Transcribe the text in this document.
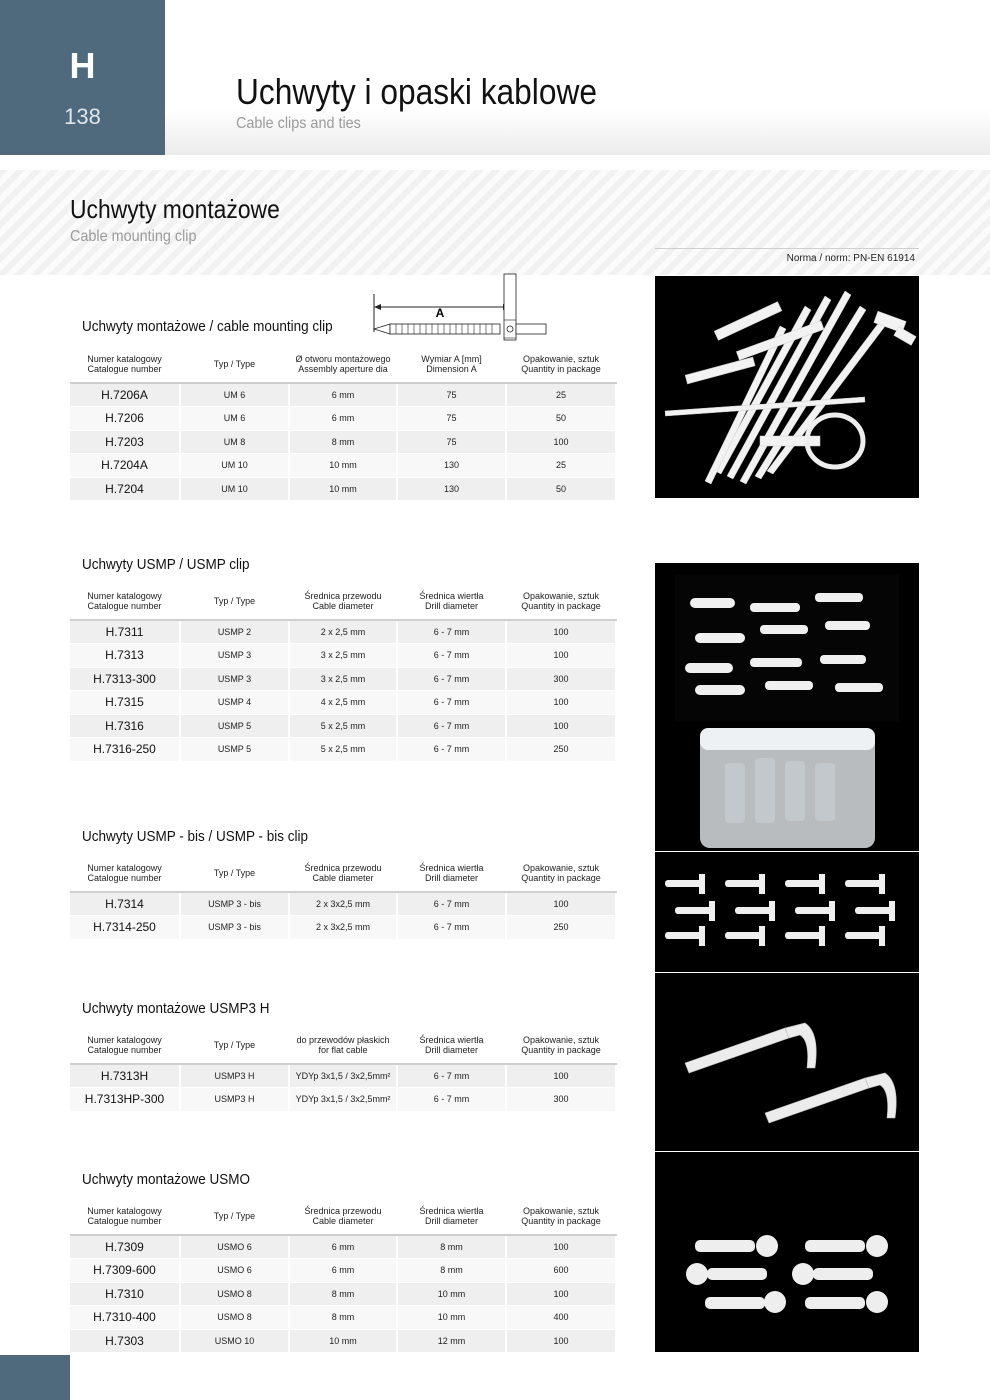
H
138
Uchwyty i opaski kablowe
Cable clips and ties
Uchwyty montażowe
Cable mounting clip
Norma / norm: PN-EN 61914
A
Uchwyty montażowe / cable mounting clip
Uchwyty USMP / USMP clip
Uchwyty USMP - bis / USMP - bis clip
Uchwyty montażowe USMP3 H
Uchwyty montażowe USMO
Numer katalogowy
Catalogue number	Typ / Type	Ø otworu montażowego
Assembly aperture dia	Wymiar A [mm]
Dimension A	Opakowanie, sztuk
Quantity in package

H.7206A	UM 6	6 mm	75	25
H.7206	UM 6	6 mm	75	50
H.7203	UM 8	8 mm	75	100
H.7204A	UM 10	10 mm	130	25
H.7204	UM 10	10 mm	130	50
Numer katalogowy
Catalogue number	Typ / Type	Średnica przewodu
Cable diameter	Średnica wiertła
Drill diameter	Opakowanie, sztuk
Quantity in package

H.7311	USMP 2	2 x 2,5 mm	6 - 7 mm	100
H.7313	USMP 3	3 x 2,5 mm	6 - 7 mm	100
H.7313-300	USMP 3	3 x 2,5 mm	6 - 7 mm	300
H.7315	USMP 4	4 x 2,5 mm	6 - 7 mm	100
H.7316	USMP 5	5 x 2,5 mm	6 - 7 mm	100
H.7316-250	USMP 5	5 x 2,5 mm	6 - 7 mm	250
Numer katalogowy
Catalogue number	Typ / Type	Średnica przewodu
Cable diameter	Średnica wiertła
Drill diameter	Opakowanie, sztuk
Quantity in package

H.7314	USMP 3 - bis	2 x 3x2,5 mm	6 - 7 mm	100
H.7314-250	USMP 3 - bis	2 x 3x2,5 mm	6 - 7 mm	250
Numer katalogowy
Catalogue number	Typ / Type	do przewodów płaskich
for flat cable	Średnica wiertła
Drill diameter	Opakowanie, sztuk
Quantity in package

H.7313H	USMP3 H	YDYp 3x1,5 / 3x2,5mm²	6 - 7 mm	100
H.7313HP-300	USMP3 H	YDYp 3x1,5 / 3x2,5mm²	6 - 7 mm	300
Numer katalogowy
Catalogue number	Typ / Type	Średnica przewodu
Cable diameter	Średnica wiertła
Drill diameter	Opakowanie, sztuk
Quantity in package

H.7309	USMO 6	6 mm	8 mm	100
H.7309-600	USMO 6	6 mm	8 mm	600
H.7310	USMO 8	8 mm	10 mm	100
H.7310-400	USMO 8	8 mm	10 mm	400
H.7303	USMO 10	10 mm	12 mm	100
